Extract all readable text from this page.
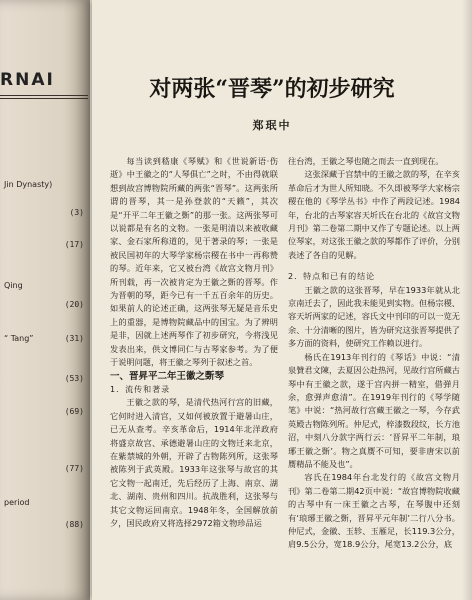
RNAI
Jin Dynasty)
(3)
(17)
Qing
(20)
“ Tang”	(31)
(53)
(69)
(77)
period
(88)
对两张“晋琴”的初步研究
郑珉中

每当读到嵇康《琴赋》和《世说新语·伤逝》中王徽之的“人琴俱亡”之时，不由得就联想到故宫博物院所藏的两张“晋琴”。这两张所谓的晋琴，其一是孙登款的“天籁”，其次是“开平二年王徽之斲”的那一张。这两张琴可以说都是有名的文物。一张是明清以来被收藏家、金石家所称道的，见于著录的琴；一张是被民国初年的大琴学家杨宗稷在书中一再称赞的琴。近年来，它又被台湾《故宫文物月刊》所刊载，再一次被肯定为王徽之斲的晋琴。作为晋朝的琴，距今已有一千五百余年的历史。如果前人的论述正确，这两张琴无疑是音乐史上的重器，是博物院藏品中的国宝。为了辨明是非，因就上述两琴作了初步研究，今将浅见发表出来，供文博同仁与古琴家参考。为了便于说明问题，将王徽之琴列于叙述之首。

一、晋昇平二年王徽之斲琴

1．流传和著录

王徽之款的琴，是清代热河行宫的旧藏，它何时进入清宫，又如何被放置于避暑山庄，已无从查考。辛亥革命后，1914年北洋政府将盛京故宫、承德避暑山庄的文物迁来北京，在紫禁城的外朝，开辟了古物陈列所，这张琴被陈列于武英殿。1933年这张琴与故宫的其它文物一起南迁，先后经历了上海、南京、湖北、湖南、贵州和四川。抗战胜利，这张琴与其它文物运回南京。1948年冬，全国解放前夕，国民政府又将选择2972箱文物珍品运

往台湾，王徽之琴也随之而去一直到现在。

这张深藏于宫禁中的王徽之款的琴，在辛亥革命后才为世人所知晓。不久即被琴学大家杨宗稷在他的《琴学丛书》中作了两段记述。1984年，台北的古琴家容天圻氏在台北的《故宫文物月刊》第二卷第二期中又作了专题论述。以上两位琴家，对这张王徽之款的琴都作了评价，分别表述了各自的见解。

2．特点和已有的结论

王徽之款的这张晋琴，早在1933年就从北京南迁去了，因此我未能见到实物。但杨宗稷、容天圻两家的记述，容氏文中刊印的可以一览无余、十分清晰的图片，皆为研究这张晋琴提供了多方面的资料，使研究工作赖以进行。

杨氏在1913年刊行的《琴话》中说：“清泉贊君文陳，去夏因公赴热河，见故行宫所藏古琴中有王徽之款，遂于宫内拼一精室，借弹月余，愈弹声愈清”。在1919年刊行的《琴学随笔》中说：“热河故行宫藏王徽之一琴，今存武英殿古物陈列所。仲尼式，梓漆数段纹，长方池沼，中刻八分款字两行云：‘晋昇平二年制，琅琊王徽之斲’。物之真赝不可知，要非唐宋以前赝精品不能及也”。

容氏在1984年台北发行的《故宫文物月刊》第二卷第二期42页中说：“故宫博物院收藏的古琴中有一床王徽之古琴，在琴腹中还刻有‘琅琊王徽之斲，晋昇平元年制’二行八分书。仲尼式，金徽、玉轸、玉雁足，长119.3公分，肩9.5公分，宽18.9公分，尾宽13.2公分，底
